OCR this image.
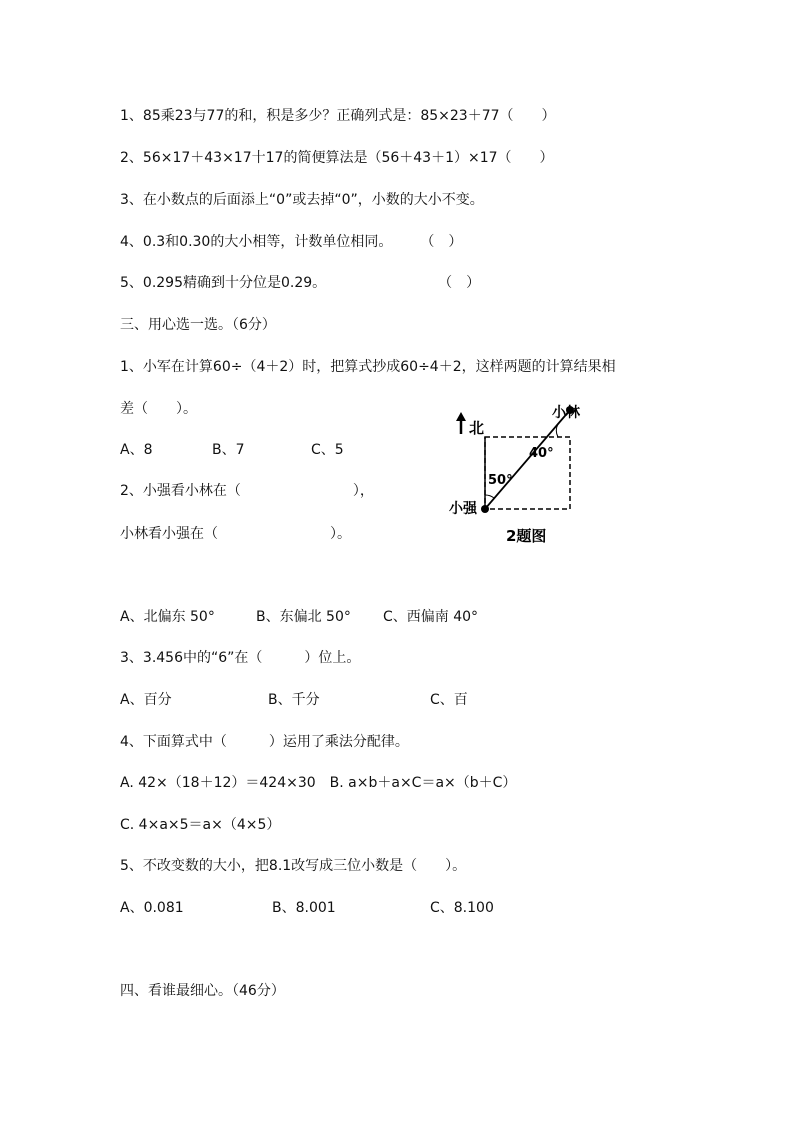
1、85乘23与77的和，积是多少？正确列式是：85×23＋77（　　）
2、56×17＋43×17十17的简便算法是（56＋43＋1）×17（　　）
3、在小数点的后面添上“0”或去掉“0”，小数的大小不变。
4、0.3和0.30的大小相等，计数单位相同。　　　（　）
5、0.295精确到十分位是0.29。　　　　　　　　　（　）
三、用心选一选。（6分）
1、小军在计算60÷（4＋2）时，把算式抄成60÷4＋2，这样两题的计算结果相
差（　　）。
A、8	B、7	C、5
2、小强看小林在（　　　　　　　　），
小林看小强在（　　　　　　　　）。
北
小林
小强
40°
50°
2题图
A、北偏东 50°	B、东偏北 50° C、西偏南 40°
3、3.456中的“6”在（　　　）位上。
A、百分	B、千分	C、百
4、下面算式中（　　　）运用了乘法分配律。
A. 42×（18＋12）＝424×30　B. a×b＋a×C＝a×（b＋C）
C. 4×a×5＝a×（4×5）
5、不改变数的大小，把8.1改写成三位小数是（　　）。
A、0.081	B、8.001	C、8.100
四、看谁最细心。（46分）
